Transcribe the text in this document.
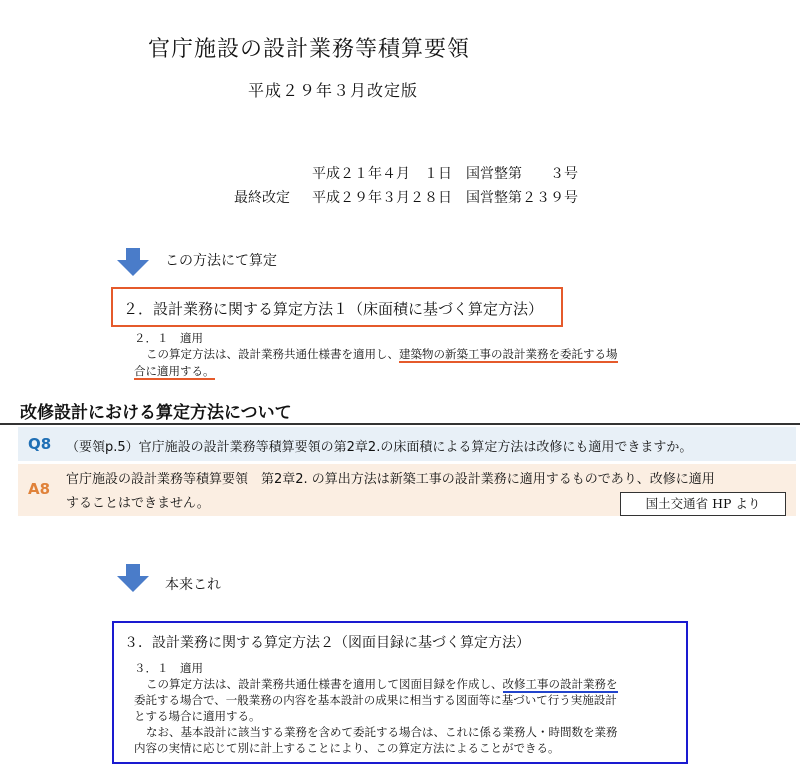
官庁施設の設計業務等積算要領
平成２９年３月改定版
平成２１年４月　１日　国営整第　　３号
最終改定 平成２９年３月２８日　国営整第２３９号
この方法にて算定
２．設計業務に関する算定方法１（床面積に基づく算定方法）
２．１　適用
この算定方法は、設計業務共通仕様書を適用し、建築物の新築工事の設計業務を委託する場
合に適用する。
改修設計における算定方法について
Q8 （要領p.5）官庁施設の設計業務等積算要領の第2章2.の床面積による算定方法は改修にも適用できますか。
A8
官庁施設の設計業務等積算要領　第2章2. の算出方法は新築工事の設計業務に適用するものであり、改修に適用
することはできません。	国土交通省 HP より
本来これ
３．設計業務に関する算定方法２（図面目録に基づく算定方法）
３．１　適用
この算定方法は、設計業務共通仕様書を適用して図面目録を作成し、改修工事の設計業務を
委託する場合で、一般業務の内容を基本設計の成果に相当する図面等に基づいて行う実施設計
とする場合に適用する。
なお、基本設計に該当する業務を含めて委託する場合は、これに係る業務人・時間数を業務
内容の実情に応じて別に計上することにより、この算定方法によることができる。
